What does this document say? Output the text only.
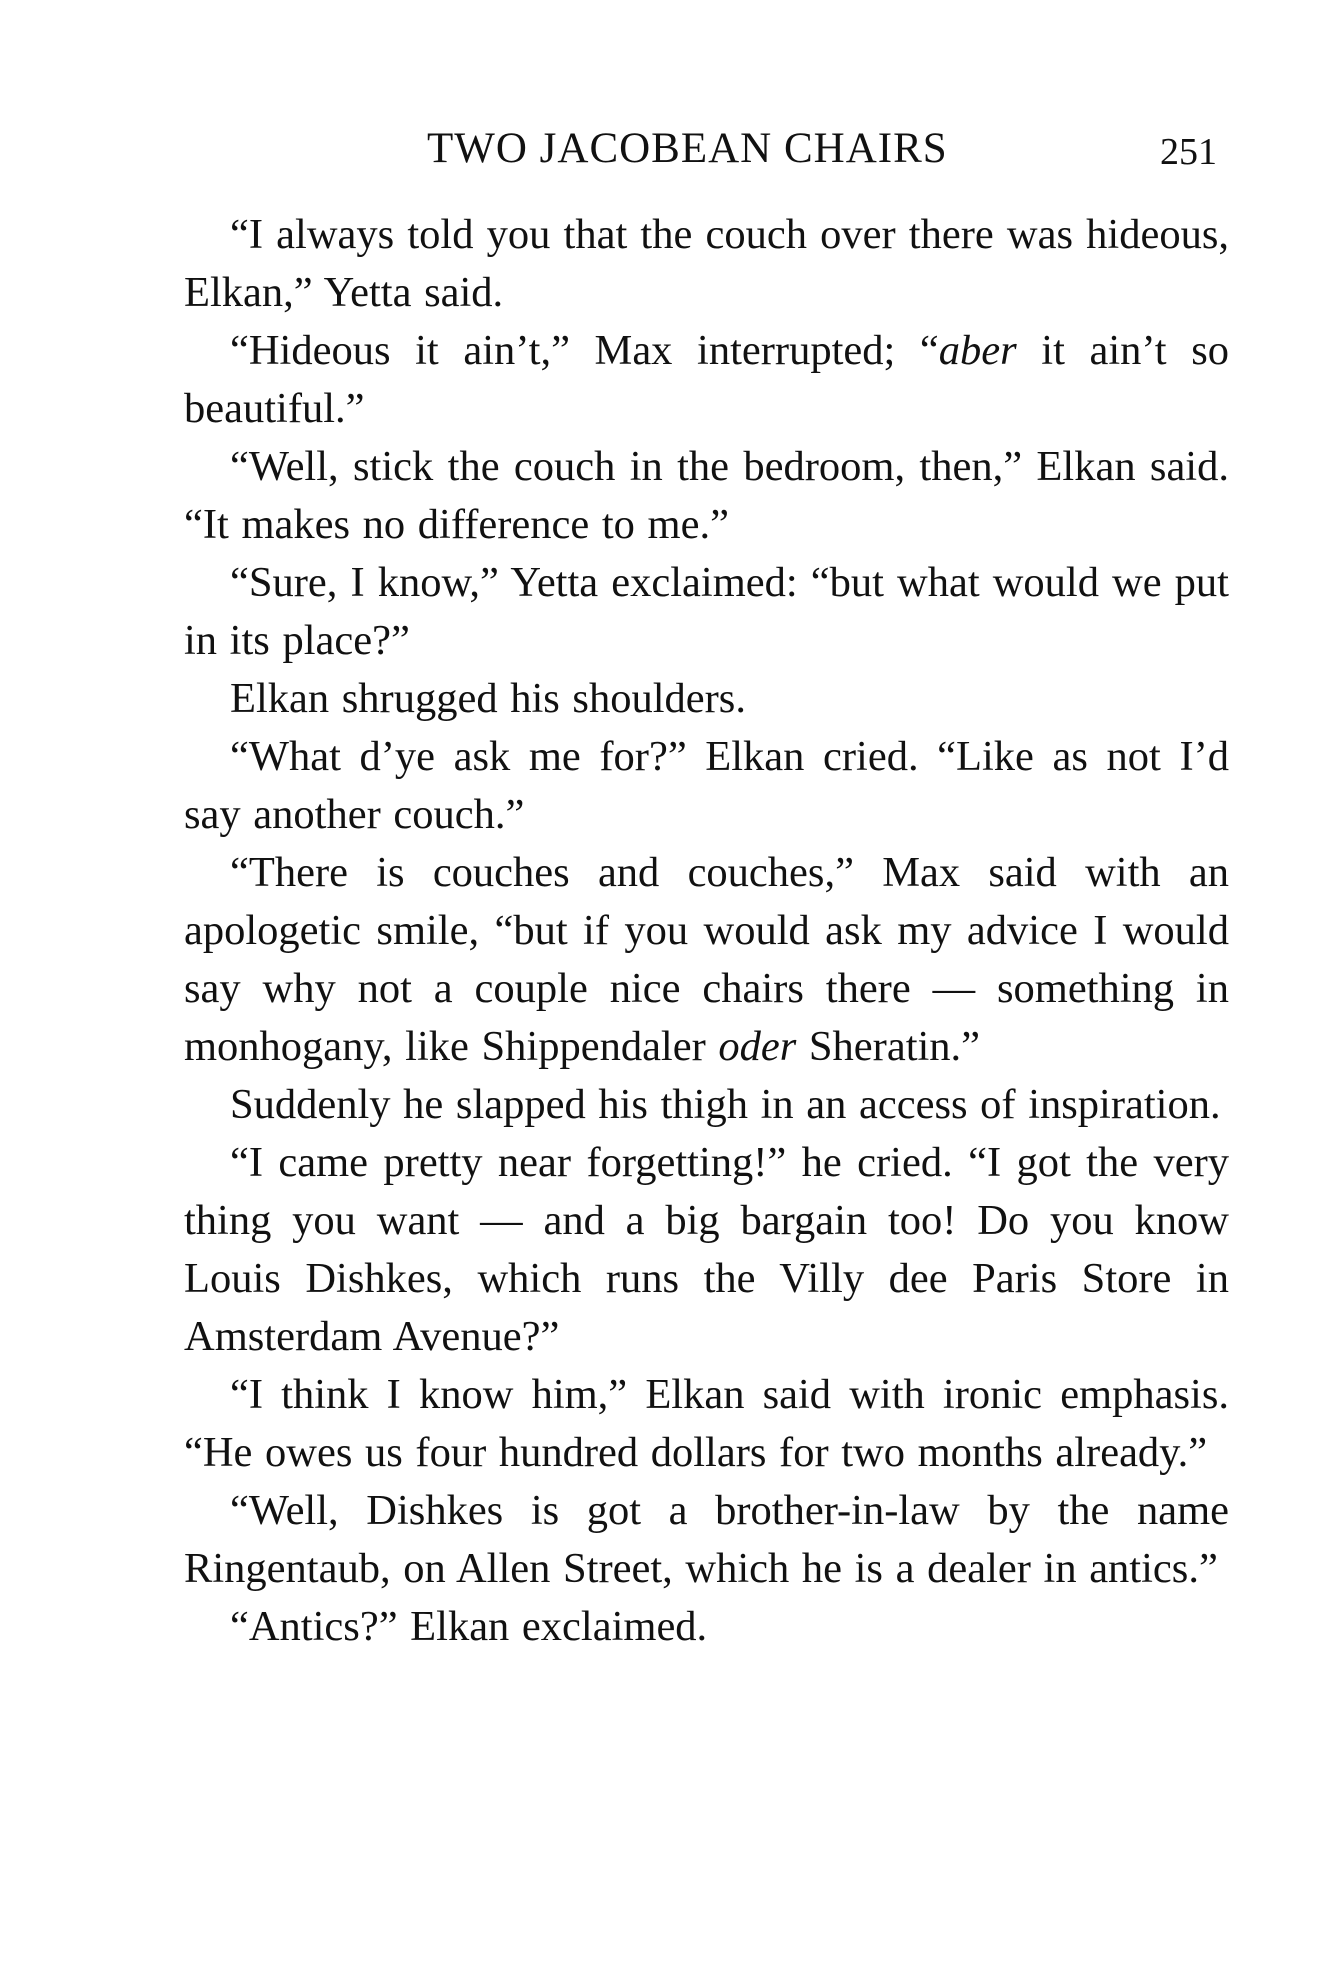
TWO JACOBEAN CHAIRS	251

“I always told you that the couch over there was hideous, Elkan,” Yetta said.

“Hideous it ain’t,” Max interrupted; “aber it ain’t so beautiful.”

“Well, stick the couch in the bedroom, then,” Elkan said. “It makes no difference to me.”

“Sure, I know,” Yetta exclaimed: “but what would we put in its place?”

Elkan shrugged his shoulders.

“What d’ye ask me for?” Elkan cried. “Like as not I’d say another couch.”

“There is couches and couches,” Max said with an apologetic smile, “but if you would ask my advice I would say why not a couple nice chairs there — something in monhogany, like Shippendaler oder Sheratin.”

Suddenly he slapped his thigh in an access of inspiration.

“I came pretty near forgetting!” he cried. “I got the very thing you want — and a big bargain too! Do you know Louis Dishkes, which runs the Villy dee Paris Store in Amsterdam Avenue?”

“I think I know him,” Elkan said with ironic emphasis. “He owes us four hundred dollars for two months already.”

“Well, Dishkes is got a brother-in-law by the name Ringentaub, on Allen Street, which he is a dealer in antics.”

“Antics?” Elkan exclaimed.
